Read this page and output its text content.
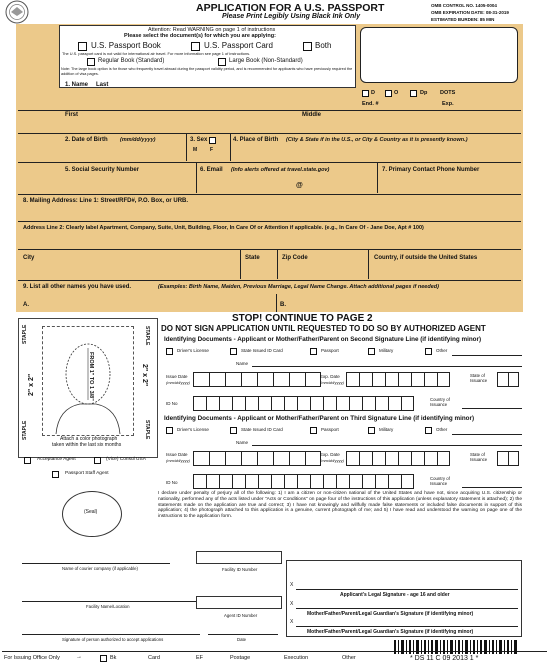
APPLICATION FOR A U.S. PASSPORT
Please Print Legibly Using Black Ink Only
OMB CONTROL NO. 1405-0004
OMB EXPIRATION DATE: 08-31-2019
ESTIMATED BURDEN: 85 MIN
Attention: Read WARNING on page 1 of instructions
Please select the document(s) for which you are applying:
U.S. Passport Book	U.S. Passport Card	Both
The U.S. passport card is not valid for international air travel. For more information see page 1 of instructions.
Regular Book (Standard)	Large Book (Non-Standard)
Note: The large book option is for those who frequently travel abroad during the passport validity period, and is recommended for applicants who have previously required the addition of visa pages.
1. Name Last
D	O	Dp DOTS
End. #	Exp.
First	Middle
2. Date of Birth (mm/dd/yyyy)	3. Sex
M	F
4. Place of Birth (City & State if in the U.S., or City & Country as it is presently known.)
5. Social Security Number	6. Email (Info alerts offered at travel.state.gov)	7. Primary Contact Phone Number
@
8. Mailing Address: Line 1: Street/RFD#, P.O. Box, or URB.
Address Line 2: Clearly label Apartment, Company, Suite, Unit, Building, Floor, In Care Of or Attention if applicable. (e.g., In Care Of - Jane Doe, Apt # 100)
City	State	Zip Code	Country, if outside the United States
9. List all other names you have used.	(Examples: Birth Name, Maiden, Previous Marriage, Legal Name Change. Attach additional pages if needed)
A.	B.
STOP! CONTINUE TO PAGE 2
DO NOT SIGN APPLICATION UNTIL REQUESTED TO DO SO BY AUTHORIZED AGENT
STAPLE	STAPLE
STAPLE	STAPLE
2" x 2"	2" x 2"
FROM 1" TO 1 3/8"
Attach a color photograph
taken within the last six months
Identifying Documents - Applicant or Mother/Father/Parent on Second Signature Line (if identifying minor)
Driver's License	State Issued ID Card	Passport	Military	Other
Name
Issue Date
(mm/dd/yyyy)
Exp. Date
(mm/dd/yyyy)
State of Issuance
ID No
Country of Issuance
Identifying Documents - Applicant or Mother/Father/Parent on Third Signature Line (if identifying minor)
Driver's License	State Issued ID Card	Passport	Military	Other
Name
Issue Date
(mm/dd/yyyy)
Exp. Date
(mm/dd/yyyy)
State of Issuance
ID No
Country of Issuance
Acceptance Agent	(Vice) Consul USA
Passport Staff Agent
(Seal)
I declare under penalty of perjury all of the following: 1) I am a citizen or non-citizen national of the United States and have not, since acquiring U.S. citizenship or nationality, performed any of the acts listed under "Acts or Conditions" on page four of the instructions of this application (unless explanatory statement is attached); 2) the statements made on the application are true and correct; 3) I have not knowingly and willfully made false statements or included false documents in support of this application; 4) the photograph attached to this application is a genuine, current photograph of me; and 5) I have read and understood the warning on page one of the instructions to the application form.
Name of courier company (if applicable)	Facility ID Number
Facility Name/Location
Agent ID Number
Signature of person authorized to accept applications	Date
X
Applicant's Legal Signature - age 16 and older
X
Mother/Father/Parent/Legal Guardian's Signature (if identifying minor)
X
Mother/Father/Parent/Legal Guardian's Signature (if identifying minor)
For Issuing Office Only	→	Bk	Card	EF	Postage	Execution	Other	* DS 11 C 09 2013 1 *
